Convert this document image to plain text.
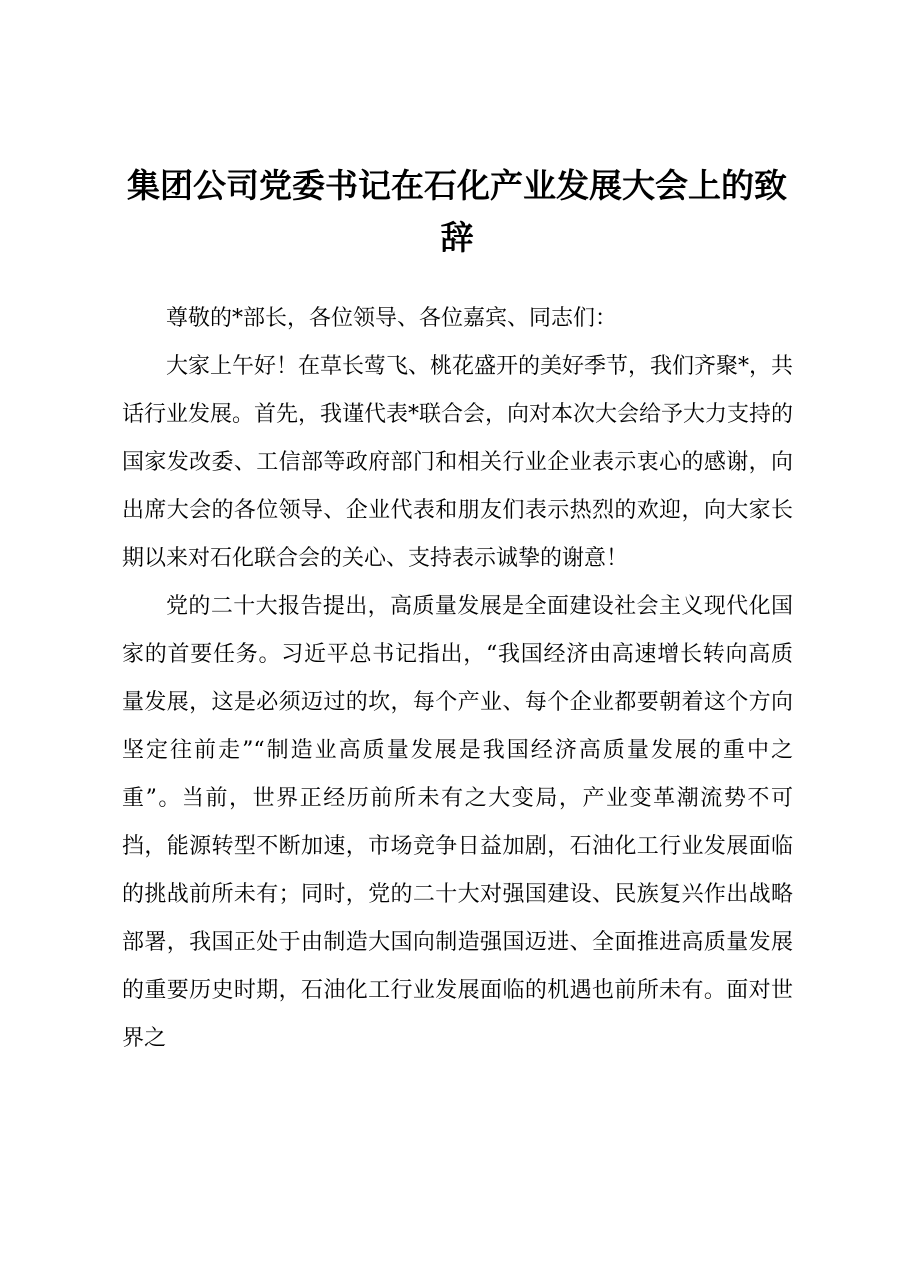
集团公司党委书记在石化产业发展大会上的致辞

尊敬的*部长，各位领导、各位嘉宾、同志们：

大家上午好！在草长莺飞、桃花盛开的美好季节，我们齐聚*，共话行业发展。首先，我谨代表*联合会，向对本次大会给予大力支持的国家发改委、工信部等政府部门和相关行业企业表示衷心的感谢，向出席大会的各位领导、企业代表和朋友们表示热烈的欢迎，向大家长期以来对石化联合会的关心、支持表示诚挚的谢意！

党的二十大报告提出，高质量发展是全面建设社会主义现代化国家的首要任务。习近平总书记指出，“我国经济由高速增长转向高质量发展，这是必须迈过的坎，每个产业、每个企业都要朝着这个方向坚定往前走”“制造业高质量发展是我国经济高质量发展的重中之重”。当前，世界正经历前所未有之大变局，产业变革潮流势不可挡，能源转型不断加速，市场竞争日益加剧，石油化工行业发展面临的挑战前所未有；同时，党的二十大对强国建设、民族复兴作出战略部署，我国正处于由制造大国向制造强国迈进、全面推进高质量发展的重要历史时期，石油化工行业发展面临的机遇也前所未有。面对世界之
